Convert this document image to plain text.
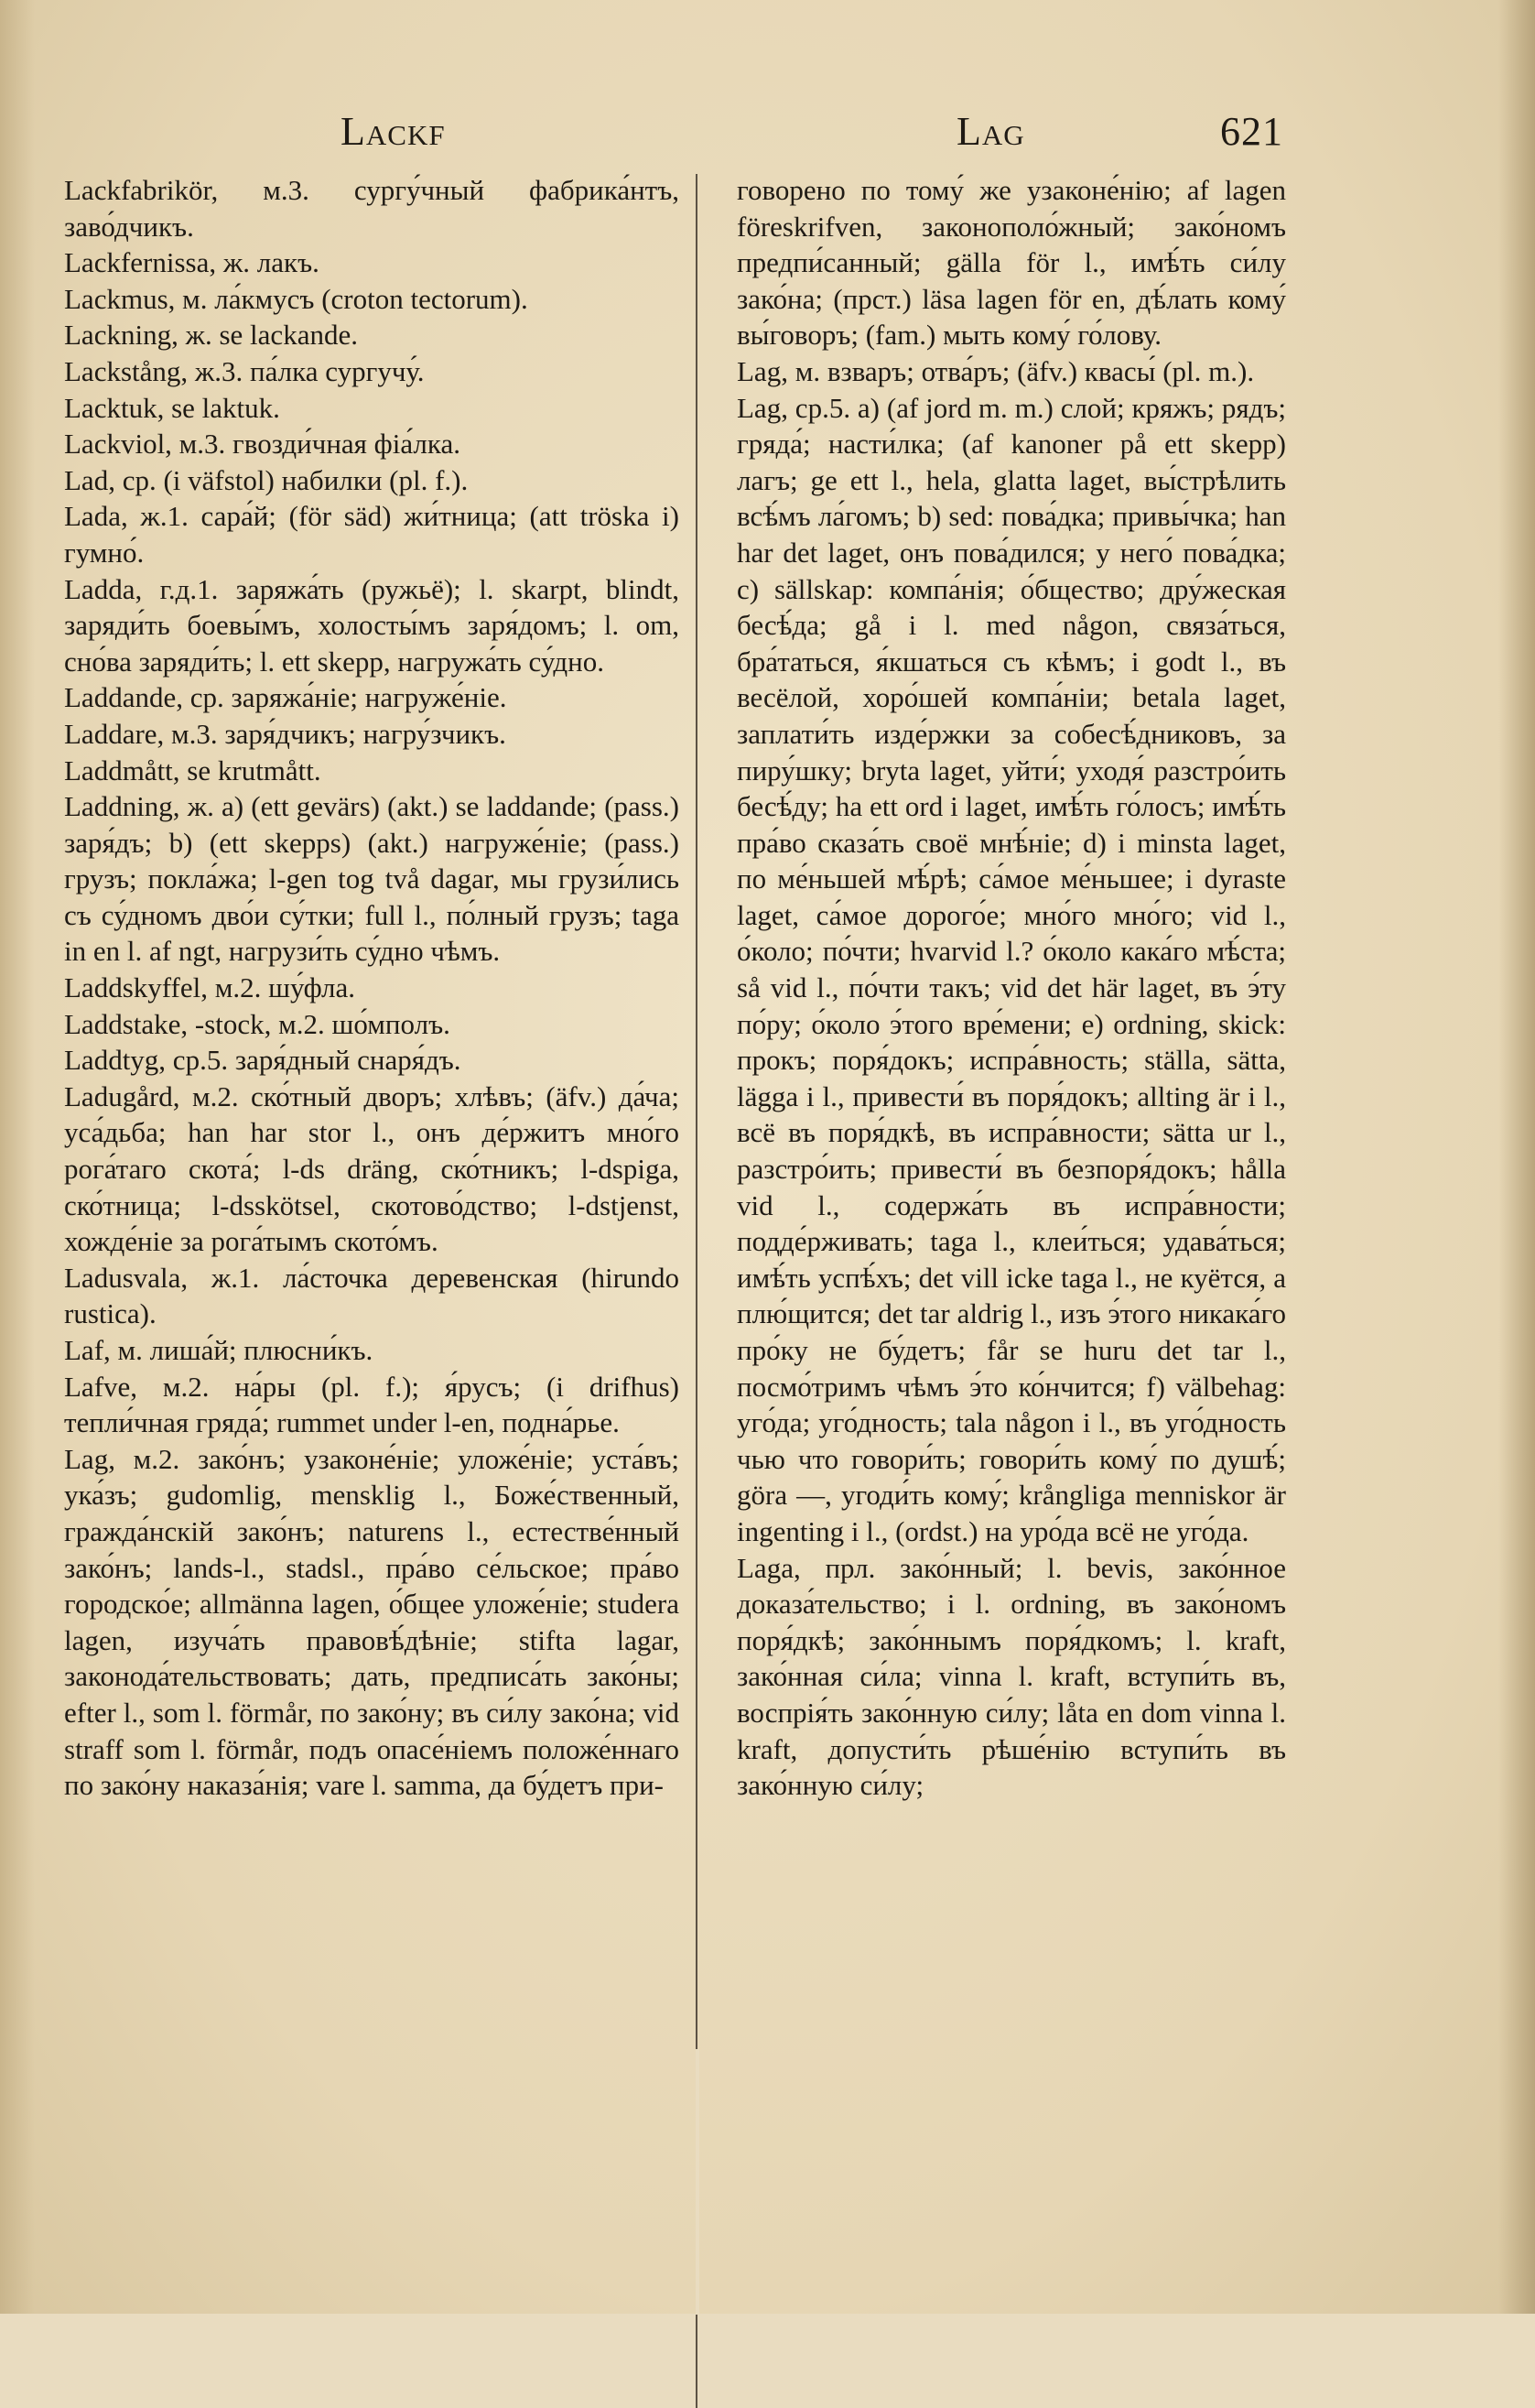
Lackf	Lag	621

Lackfabrikör, м.3. сургу́чный фабрика́нтъ, заво́дчикъ.

Lackfernissa, ж. лакъ.

Lackmus, м. ла́кмусъ (croton tectorum).

Lackning, ж. se lackande.

Lackstång, ж.3. па́лка сургучу́.

Lacktuk, se laktuk.

Lackviol, м.3. гвозди́чная фіа́лка.

Lad, ср. (i väfstol) набилки (pl. f.).

Lada, ж.1. сара́й; (för säd) жи́тница; (att tröska i) гумно́.

Ladda, г.д.1. заряжа́ть (ружьё); l. skarpt, blindt, заряди́ть боевы́мъ, холосты́мъ заря́домъ; l. om, сно́ва заряди́ть; l. ett skepp, нагружа́ть су́дно.

Laddande, ср. заряжа́ніе; нагруже́ніе.

Laddare, м.3. заря́дчикъ; нагру́зчикъ.

Laddmått, se krutmått.

Laddning, ж. а) (ett gevärs) (akt.) se laddande; (pass.) заря́дъ; b) (ett skepps) (akt.) нагруже́ніе; (pass.) грузъ; покла́жа; l-gen tog två dagar, мы грузи́лись съ су́дномъ дво́и су́тки; full l., по́лный грузъ; taga in en l. af ngt, нагрузи́ть су́дно чѣмъ.

Laddskyffel, м.2. шу́фла.

Laddstake, -stock, м.2. шо́мполъ.

Laddtyg, ср.5. заря́дный снаря́дъ.

Ladugård, м.2. ско́тный дворъ; хлѣвъ; (äfv.) да́ча; уса́дьба; han har stor l., онъ де́ржитъ мно́го рога́таго скота́; l-ds dräng, ско́тникъ; l-dspiga, ско́тница; l-dsskötsel, скотово́дство; l-dstjenst, хожде́ніе за рога́тымъ ското́мъ.

Ladusvala, ж.1. ла́сточка деревенская (hirundo rustica).

Laf, м. лиша́й; плюсни́къ.

Lafve, м.2. на́ры (pl. f.); я́русъ; (i drifhus) тепли́чная гряда́; rummet under l-en, подна́рье.

Lag, м.2. зако́нъ; узаконе́ніе; уложе́ніе; уста́въ; ука́зъ; gudomlig, mensklig l., Боже́ственный, гражда́нскій зако́нъ; naturens l., естестве́нный зако́нъ; lands-l., stadsl., пра́во се́льское; пра́во городско́е; allmänna lagen, о́бщее уложе́ніе; studera lagen, изуча́ть правовѣ́дѣніе; stifta lagar, законода́тельствовать; дать, предписа́ть зако́ны; efter l., som l. förmår, по зако́ну; въ си́лу зако́на; vid straff som l. förmår, подъ опасе́ніемъ положе́ннаго по зако́ну наказа́нія; vare l. samma, да бу́детъ при-

говорено по тому́ же узаконе́нію; af lagen föreskrifven, законополо́жный; зако́номъ предпи́санный; gälla för l., имѣ́ть си́лу зако́на; (прст.) läsa lagen för en, дѣ́лать кому́ вы́говоръ; (fam.) мыть кому́ го́лову.

Lag, м. взваръ; отва́ръ; (äfv.) квасы́ (pl. m.).

Lag, ср.5. а) (af jord m. m.) слой; кряжъ; рядъ; гряда́; насти́лка; (af kanoner på ett skepp) лагъ; ge ett l., hela, glatta laget, вы́стрѣлить всѣ́мъ ла́гомъ; b) sed: пова́дка; привы́чка; han har det laget, онъ пова́дился; у него́ пова́дка; c) sällskap: компа́нія; о́бщество; дру́жеская бесѣ́да; gå i l. med någon, связа́ться, бра́таться, я́кшаться съ кѣмъ; i godt l., въ весёлой, хоро́шей компа́ніи; betala laget, заплати́ть изде́ржки за собесѣ́дниковъ, за пиру́шку; bryta laget, уйти́; уходя́ разстро́ить бесѣ́ду; ha ett ord i laget, имѣ́ть го́лосъ; имѣ́ть пра́во сказа́ть своё мнѣ́ніе; d) i minsta laget, по ме́ньшей мѣ́рѣ; са́мое ме́ньшее; i dyraste laget, са́мое дорого́е; мно́го мно́го; vid l., о́коло; по́чти; hvarvid l.? о́коло кака́го мѣ́ста; så vid l., по́чти такъ; vid det här laget, въ э́ту по́ру; о́коло э́того вре́мени; e) ordning, skick: прокъ; поря́докъ; испра́вность; ställa, sätta, lägga i l., привести́ въ поря́докъ; allting är i l., всё въ поря́дкѣ, въ испра́вности; sätta ur l., разстро́ить; привести́ въ безпоря́докъ; hålla vid l., содержа́ть въ испра́вности; подде́рживать; taga l., клеи́ться; удава́ться; имѣ́ть успѣ́хъ; det vill icke taga l., не куётся, а плю́щится; det tar aldrig l., изъ э́того никака́го про́ку не бу́детъ; får se huru det tar l., посмо́тримъ чѣмъ э́то ко́нчится; f) välbehag: уго́да; уго́дность; tala någon i l., въ уго́дность чью что говори́ть; говори́ть кому́ по душѣ́; göra —, угоди́ть кому́; krångliga menniskor är ingenting i l., (ordst.) на уро́да всё не уго́да.

Laga, прл. зако́нный; l. bevis, зако́нное доказа́тельство; i l. ordning, въ зако́номъ поря́дкѣ; зако́ннымъ поря́дкомъ; l. kraft, зако́нная си́ла; vinna l. kraft, вступи́ть въ, воспрія́ть зако́нную си́лу; låta en dom vinna l. kraft, допусти́ть рѣше́нію вступи́ть въ зако́нную си́лу;
